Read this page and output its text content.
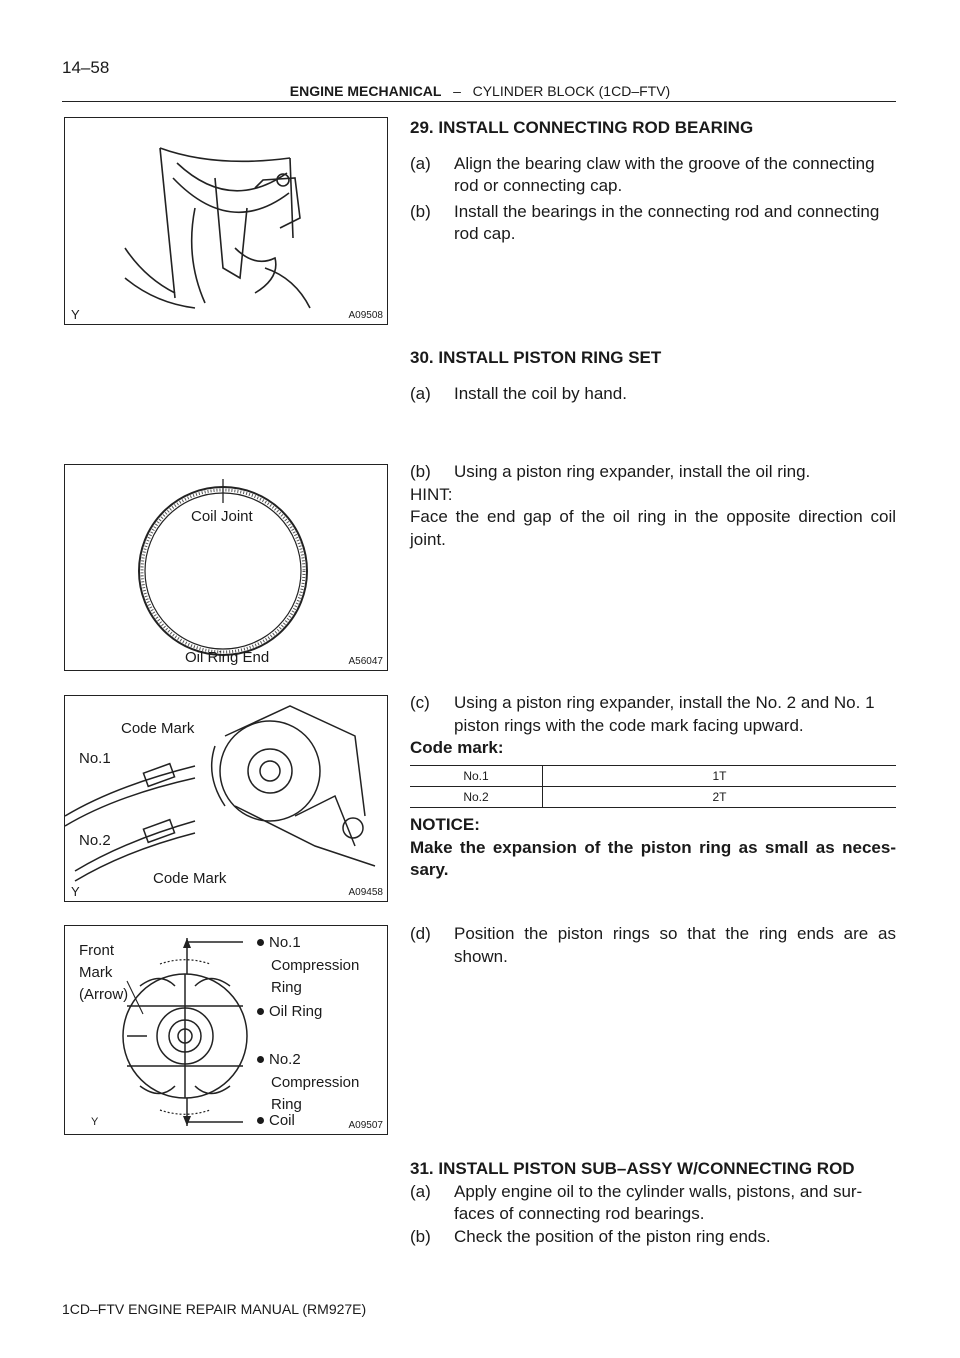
14–58
ENGINE MECHANICAL – CYLINDER BLOCK (1CD–FTV)
Y	A09508
Coil Joint
Oil Ring End	A56047
Code Mark
No.1
No.2
Code Mark
Y	A09458
Front
Mark
(Arrow)
No.1
Compression
Ring
Oil Ring
No.2
Compression
Ring
Coil
Y	A09507

29. INSTALL CONNECTING ROD BEARING

(a) Align the bearing claw with the groove of the connecting rod or connecting cap.

(b) Install the bearings in the connecting rod and connecting rod cap.

30. INSTALL PISTON RING SET

(a) Install the coil by hand.

(b) Using a piston ring expander, install the oil ring.

HINT:

Face the end gap of the oil ring in the opposite direction coil joint.

(c) Using a piston ring expander, install the No. 2 and No. 1 piston rings with the code mark facing upward.

Code mark:

No.1	1T
No.2	2T

NOTICE:

Make the expansion of the piston ring as small as neces- sary.

(d) Position the piston rings so that the ring ends are as shown.

31. INSTALL PISTON SUB–ASSY W/CONNECTING ROD

(a) Apply engine oil to the cylinder walls, pistons, and sur- faces of connecting rod bearings.

(b) Check the position of the piston ring ends.

1CD–FTV ENGINE REPAIR MANUAL (RM927E)
